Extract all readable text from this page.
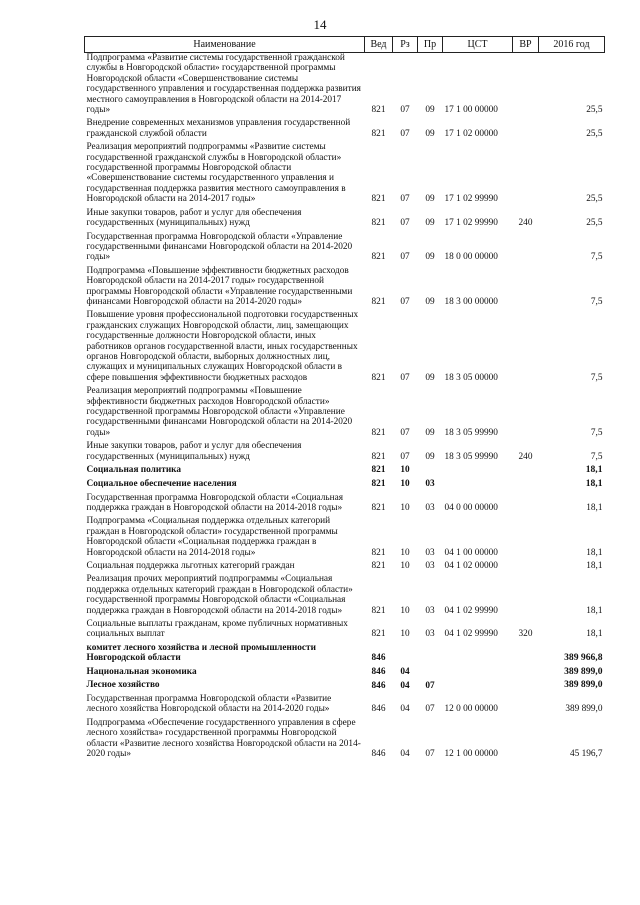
14
Наименование	Вед	Рз	Пр	ЦСТ	ВР	2016 год
Подпрограмма «Развитие системы государственной гражданской службы в Новгородской области» государственной программы Новгородской области «Совершенствование системы государственного управления и государственная поддержка развития местного самоуправления в Новгородской области на 2014-2017 годы»	821	07	09	17 1 00 00000		25,5
Внедрение современных механизмов управления государственной гражданской службой области	821	07	09	17 1 02 00000		25,5
Реализация мероприятий подпрограммы «Развитие системы государственной гражданской службы в Новгородской области» государственной программы Новгородской области «Совершенствование системы государственного управления и государственная поддержка развития местного самоуправления в Новгородской области на 2014-2017 годы»	821	07	09	17 1 02 99990		25,5
Иные закупки товаров, работ и услуг для обеспечения государственных (муниципальных) нужд	821	07	09	17 1 02 99990	240	25,5
Государственная программа Новгородской области «Управление государственными финансами Новгородской области на 2014-2020 годы»	821	07	09	18 0 00 00000		7,5
Подпрограмма «Повышение эффективности бюджетных расходов Новгородской области на 2014-2017 годы» государственной программы Новгородской области «Управление государственными финансами Новгородской области на 2014-2020 годы»	821	07	09	18 3 00 00000		7,5
Повышение уровня профессиональной подготовки государственных гражданских служащих Новгородской области, лиц, замещающих государственные должности Новгородской области, иных работников органов государственной власти, иных государственных органов Новгородской области, выборных должностных лиц, служащих и муниципальных служащих Новгородской области в сфере повышения эффективности бюджетных расходов	821	07	09	18 3 05 00000		7,5
Реализация мероприятий подпрограммы «Повышение эффективности бюджетных расходов Новгородской области» государственной программы Новгородской области «Управление государственными финансами Новгородской области на 2014-2020 годы»	821	07	09	18 3 05 99990		7,5
Иные закупки товаров, работ и услуг для обеспечения государственных (муниципальных) нужд	821	07	09	18 3 05 99990	240	7,5
Социальная политика	821	10				18,1
Социальное обеспечение населения	821	10	03			18,1
Государственная программа Новгородской области «Социальная поддержка граждан в Новгородской области на 2014-2018 годы»	821	10	03	04 0 00 00000		18,1
Подпрограмма «Социальная поддержка отдельных категорий граждан в Новгородской области» государственной программы Новгородской области «Социальная поддержка граждан в Новгородской области на 2014-2018 годы»	821	10	03	04 1 00 00000		18,1
Социальная поддержка льготных категорий граждан	821	10	03	04 1 02 00000		18,1
Реализация прочих мероприятий подпрограммы «Социальная поддержка отдельных категорий граждан в Новгородской области» государственной программы Новгородской области «Социальная поддержка граждан в Новгородской области на 2014-2018 годы»	821	10	03	04 1 02 99990		18,1
Социальные выплаты гражданам, кроме публичных нормативных социальных выплат	821	10	03	04 1 02 99990	320	18,1
комитет лесного хозяйства и лесной промышленности Новгородской области	846					389 966,8
Национальная экономика	846	04				389 899,0
Лесное хозяйство	846	04	07			389 899,0
Государственная программа Новгородской области «Развитие лесного хозяйства Новгородской области на 2014-2020 годы»	846	04	07	12 0 00 00000		389 899,0
Подпрограмма «Обеспечение государственного управления в сфере лесного хозяйства» государственной программы Новгородской области «Развитие лесного хозяйства Новгородской области на 2014-2020 годы»	846	04	07	12 1 00 00000		45 196,7
